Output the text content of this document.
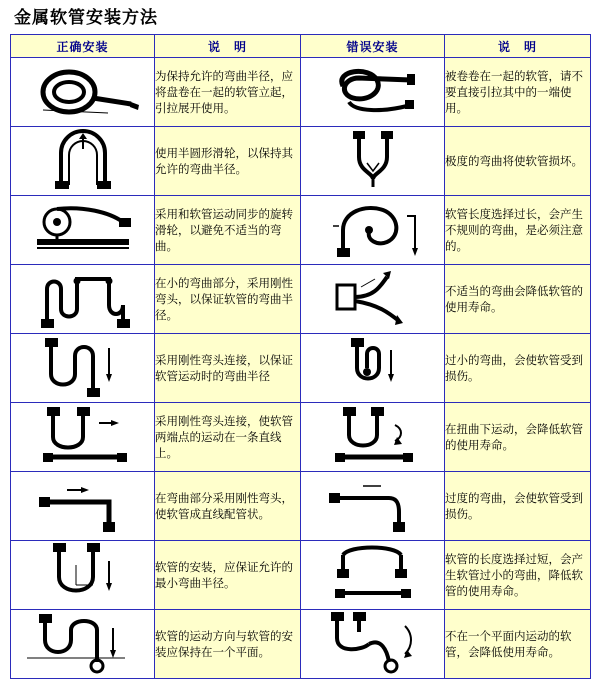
金属软管安装方法
正确安装	说　明	错误安装	说　明

	为保持允许的弯曲半径，应将盘卷在一起的软管立起，引拉展开使用。		被卷卷在一起的软管，请不要直接引拉其中的一端使用。

	使用半圆形滑轮，以保持其允许的弯曲半径。		极度的弯曲将使软管损坏。

	采用和软管运动同步的旋转滑轮，以避免不适当的弯曲。		软管长度选择过长，会产生不规则的弯曲，是必须注意的。

	在小的弯曲部分，采用刚性弯头，以保证软管的弯曲半径。		不适当的弯曲会降低软管的使用寿命。

	采用刚性弯头连接，以保证软管运动时的弯曲半径		过小的弯曲，会使软管受到损伤。

	采用刚性弯头连接，使软管两端点的运动在一条直线上。		在扭曲下运动，会降低软管的使用寿命。

	在弯曲部分采用刚性弯头，使软管成直线配管状。		过度的弯曲，会使软管受到损伤。

	软管的安装，应保证允许的最小弯曲半径。		软管的长度选择过短，会产生软管过小的弯曲，降低软管的使用寿命。

	软管的运动方向与软管的安装应保持在一个平面。		不在一个平面内运动的软管，会降低使用寿命。
